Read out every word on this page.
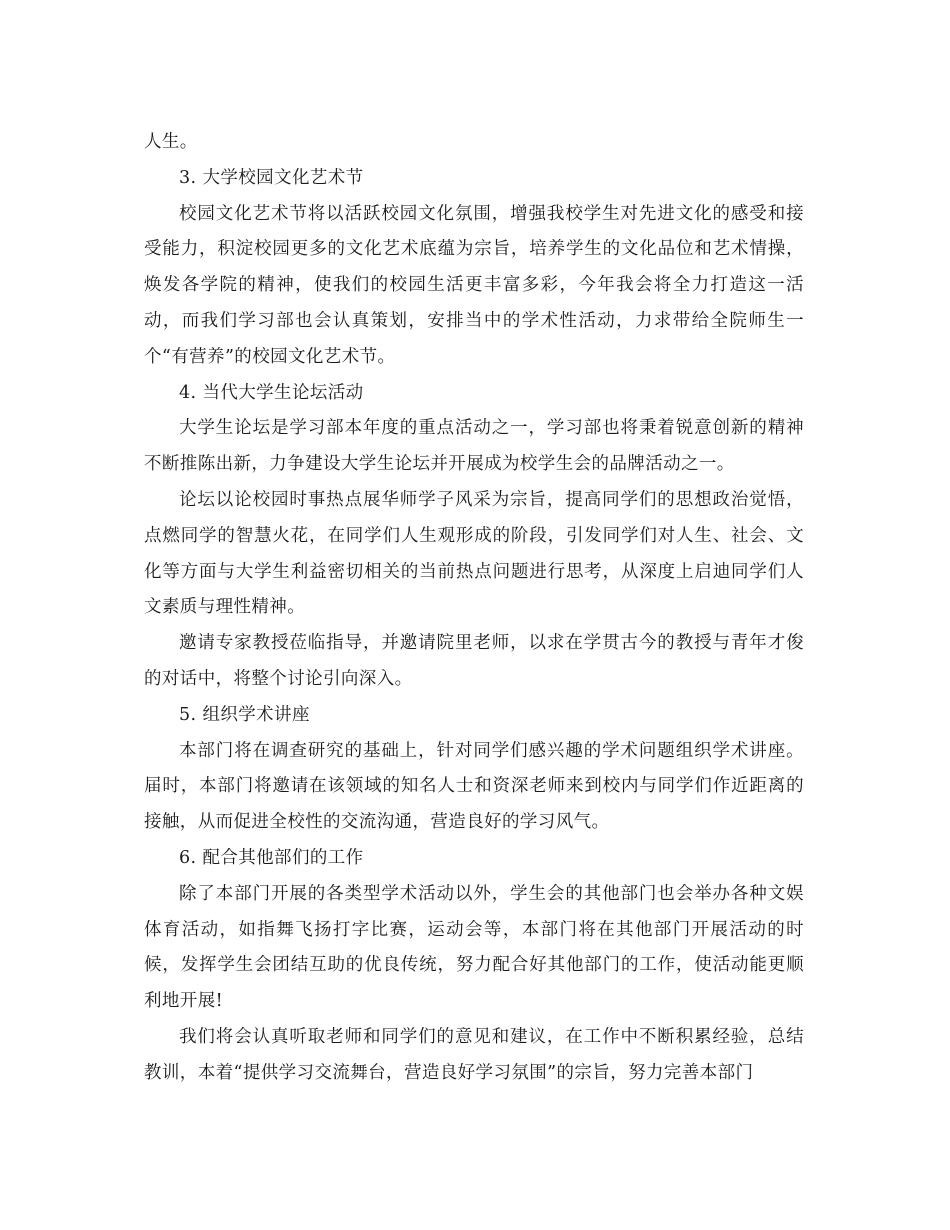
人生。

3. 大学校园文化艺术节

校园文化艺术节将以活跃校园文化氛围，增强我校学生对先进文化的感受和接受能力，积淀校园更多的文化艺术底蕴为宗旨，培养学生的文化品位和艺术情操，焕发各学院的精神，使我们的校园生活更丰富多彩，今年我会将全力打造这一活动，而我们学习部也会认真策划，安排当中的学术性活动，力求带给全院师生一个“有营养”的校园文化艺术节。

4. 当代大学生论坛活动

大学生论坛是学习部本年度的重点活动之一，学习部也将秉着锐意创新的精神不断推陈出新，力争建设大学生论坛并开展成为校学生会的品牌活动之一。

论坛以论校园时事热点展华师学子风采为宗旨，提高同学们的思想政治觉悟，点燃同学的智慧火花，在同学们人生观形成的阶段，引发同学们对人生、社会、文化等方面与大学生利益密切相关的当前热点问题进行思考，从深度上启迪同学们人文素质与理性精神。

邀请专家教授莅临指导，并邀请院里老师，以求在学贯古今的教授与青年才俊的对话中，将整个讨论引向深入。

5. 组织学术讲座

本部门将在调查研究的基础上，针对同学们感兴趣的学术问题组织学术讲座。届时，本部门将邀请在该领域的知名人士和资深老师来到校内与同学们作近距离的接触，从而促进全校性的交流沟通，营造良好的学习风气。

6. 配合其他部们的工作

除了本部门开展的各类型学术活动以外，学生会的其他部门也会举办各种文娱体育活动，如指舞飞扬打字比赛，运动会等，本部门将在其他部门开展活动的时候，发挥学生会团结互助的优良传统，努力配合好其他部门的工作，使活动能更顺利地开展!

我们将会认真听取老师和同学们的意见和建议，在工作中不断积累经验，总结教训，本着“提供学习交流舞台，营造良好学习氛围”的宗旨，努力完善本部门
